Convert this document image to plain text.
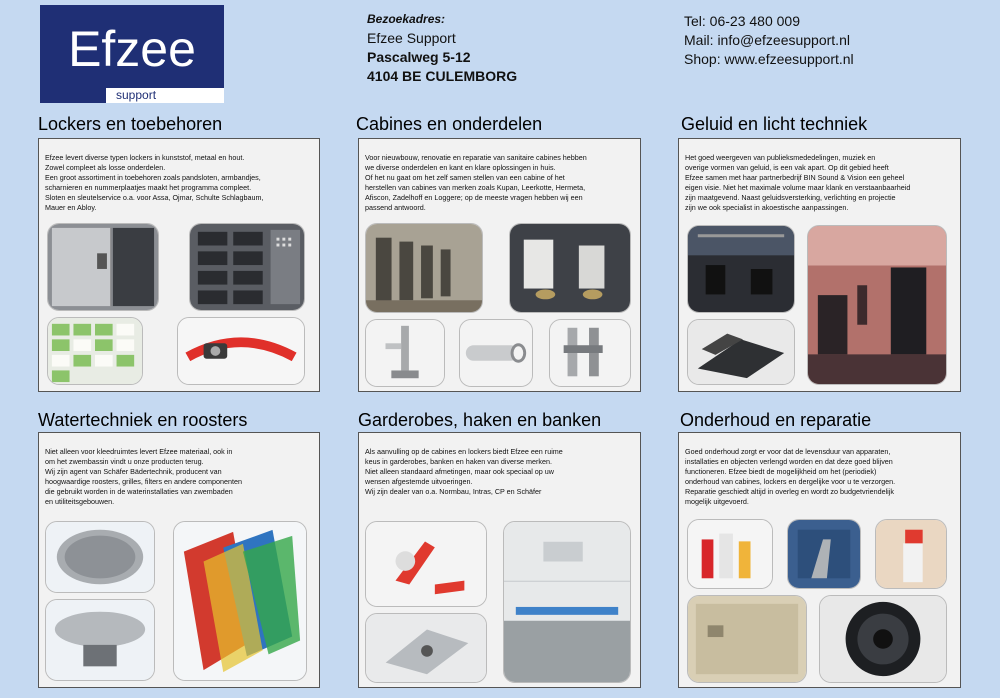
Efzee
support
Bezoekadres:
Efzee Support
Pascalweg 5-12
4104 BE CULEMBORG
Tel: 06-23 480 009
Mail: info@efzeesupport.nl
Shop: www.efzeesupport.nl
Lockers en toebehoren
Efzee levert diverse typen lockers in kunststof, metaal en hout.
Zowel compleet als losse onderdelen.
Een groot assortiment in toebehoren zoals pandsloten, armbandjes,
scharnieren en nummerplaatjes maakt het programma compleet.
Sloten en sleutelservice o.a. voor Assa, Ojmar, Schulte Schlagbaum,
Mauer en Abloy.
Cabines en onderdelen
Voor nieuwbouw, renovatie en reparatie van sanitaire cabines hebben
we diverse onderdelen en kant en klare oplossingen in huis.
Of het nu gaat om het zelf samen stellen van een cabine of het
herstellen van cabines van merken zoals Kupan, Leerkotte, Hermeta,
Afiscon, Zadelhoff en Loggere; op de meeste vragen hebben wij een
passend antwoord.
Geluid en licht techniek
Het goed weergeven van publieksmededelingen, muziek en
overige vormen van geluid, is een vak apart. Op dit gebied heeft
Efzee samen met haar partnerbedrijf BIN Sound & Vision een geheel
eigen visie. Niet het maximale volume maar klank en verstaanbaarheid
zijn maatgevend. Naast geluidsversterking, verlichting en projectie
zijn we ook specialist in akoestische aanpassingen.
Watertechniek en roosters
Niet alleen voor kleedruimtes levert Efzee materiaal, ook in
om het zwembassin vindt u onze producten terug.
Wij zijn agent van Schäfer Bädertechnik, producent van
hoogwaardige roosters, grilles, filters en andere componenten
die gebruikt worden in de waterinstallaties van zwembaden
en utiliteitsgebouwen.
Garderobes, haken en banken
Als aanvulling op de cabines en lockers biedt Efzee een ruime
keus in garderobes, banken en haken van diverse merken.
Niet alleen standaard afmetingen, maar ook speciaal op uw
wensen afgestemde uitvoeringen.
Wij zijn dealer van o.a. Normbau, Intras, CP en Schäfer
Onderhoud en reparatie
Goed onderhoud zorgt er voor dat de levensduur van apparaten,
installaties en objecten verlengd worden en dat deze goed blijven
functioneren. Efzee biedt de mogelijkheid om het (periodiek)
onderhoud van cabines, lockers en dergelijke voor u te verzorgen.
Reparatie geschiedt altijd in overleg en wordt zo budgetvriendelijk
mogelijk uitgevoerd.
